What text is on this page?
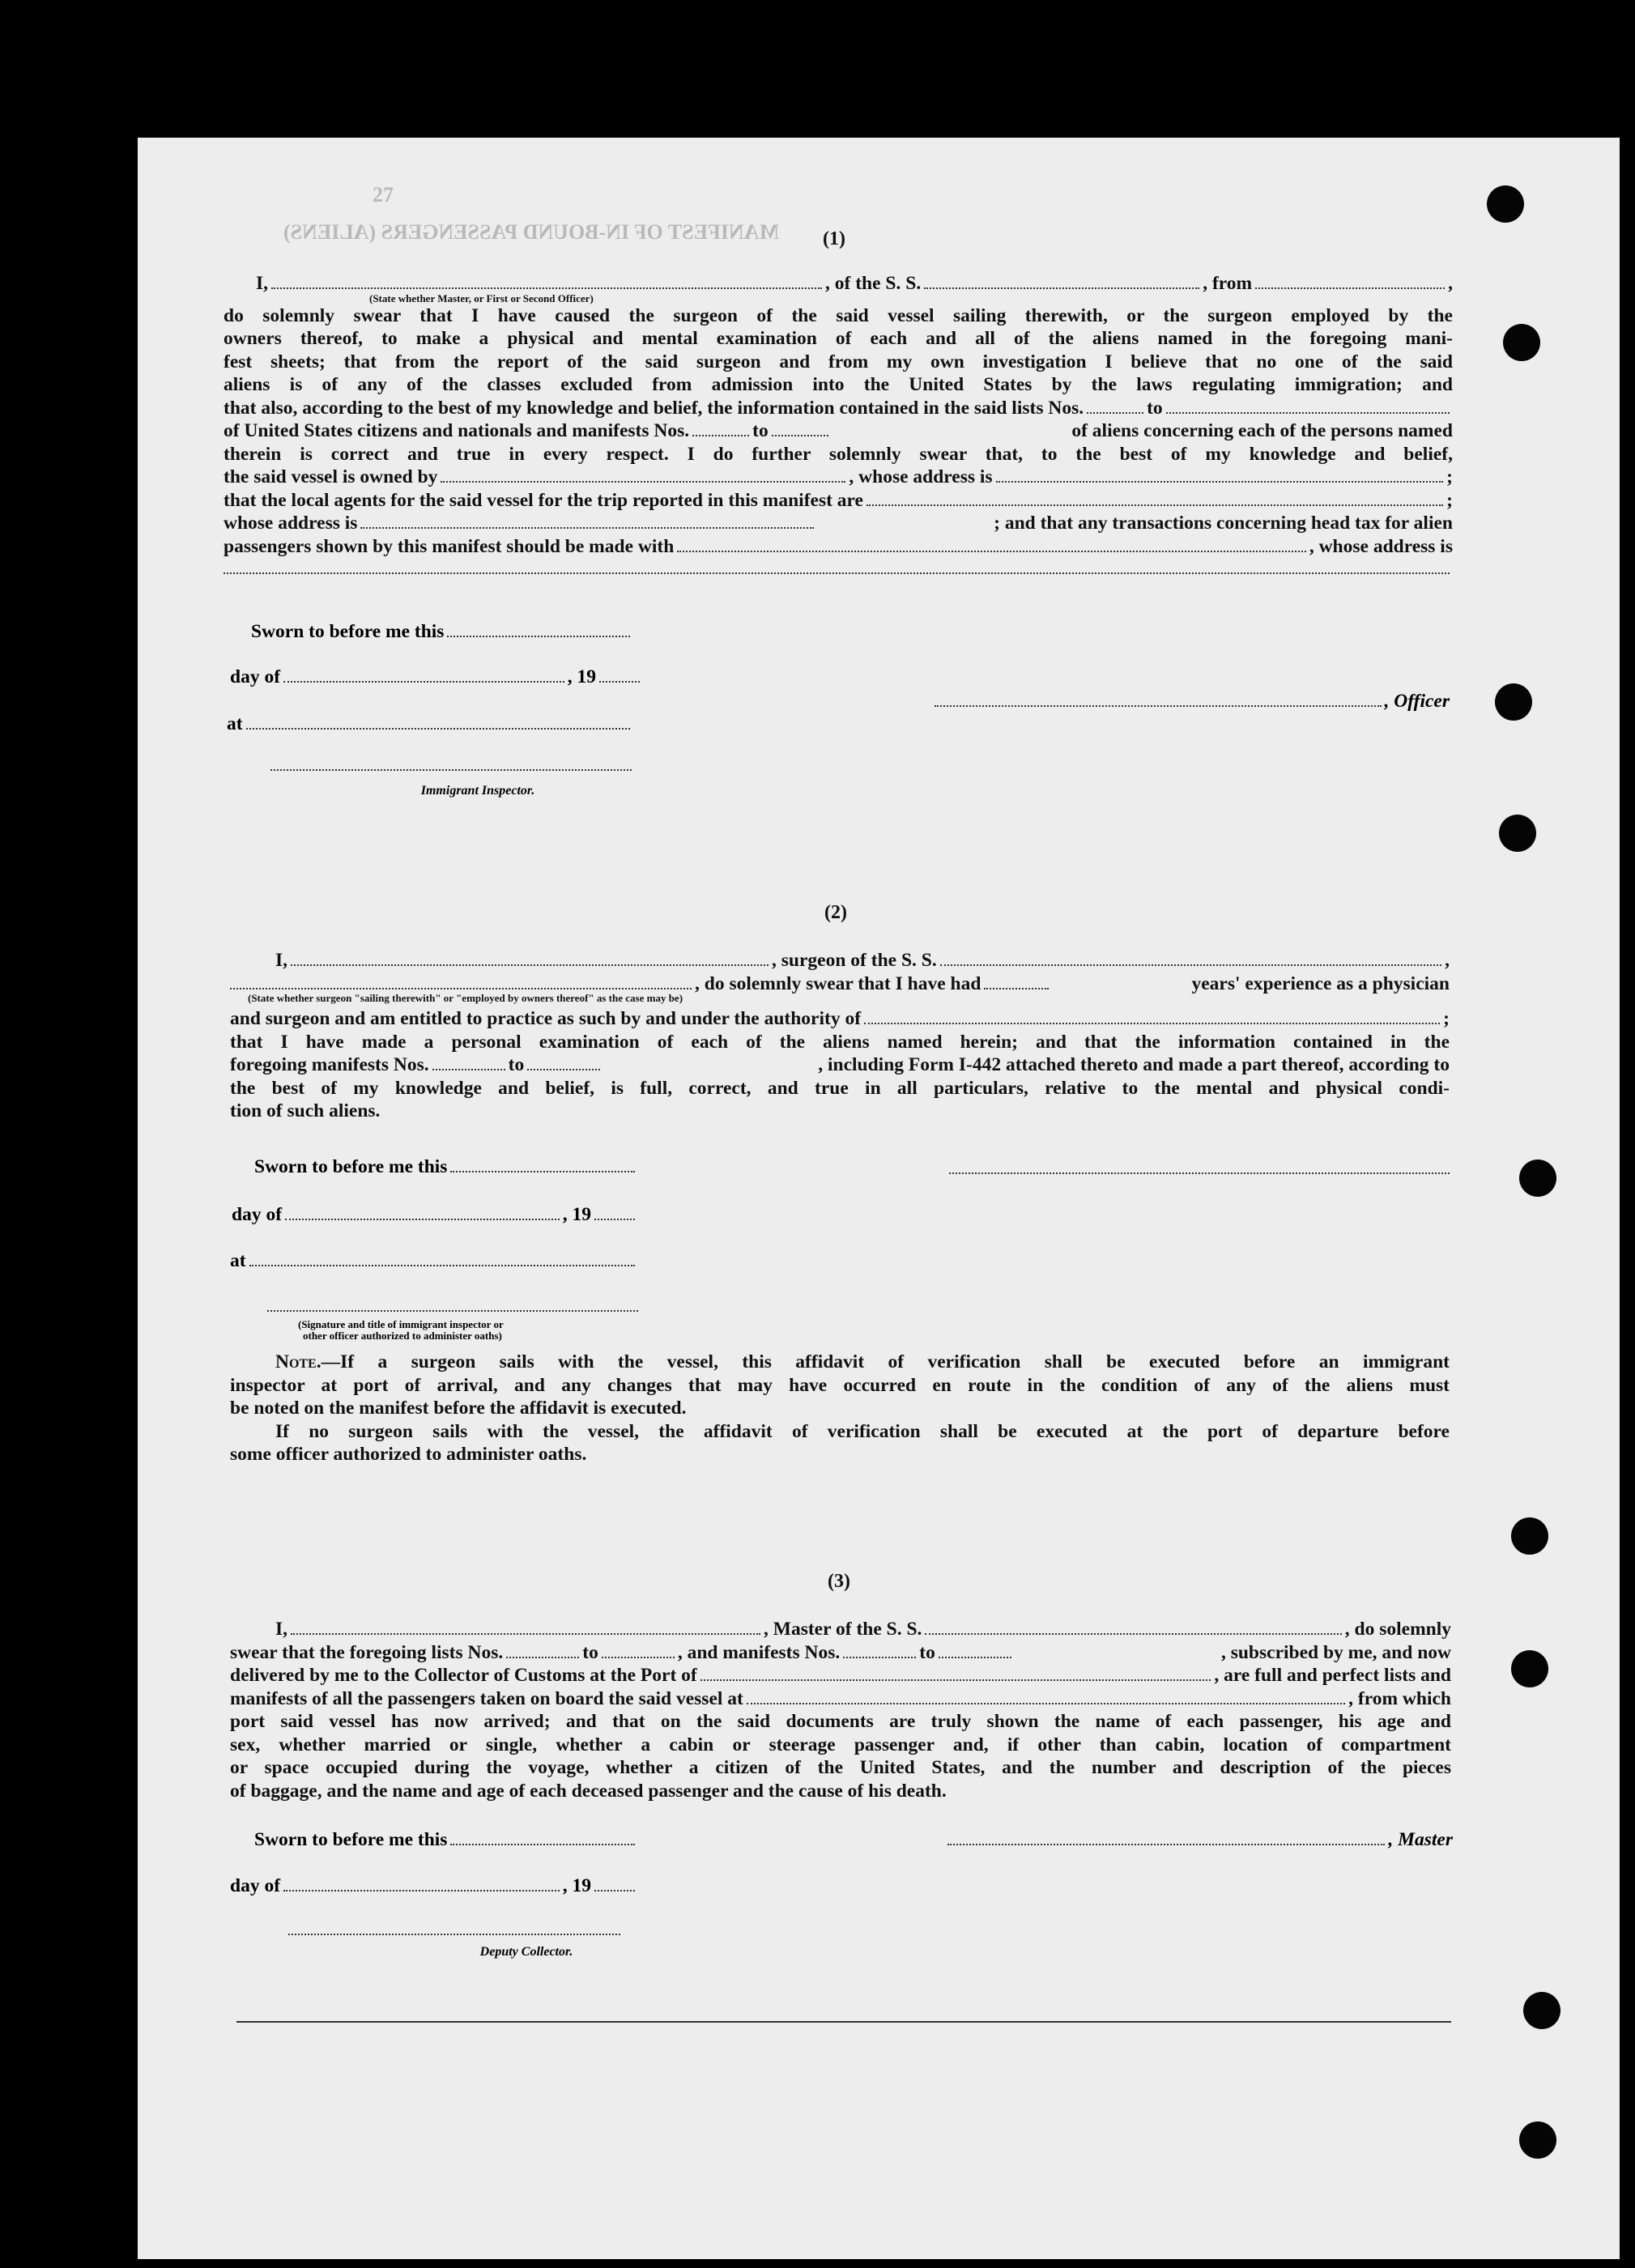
MANIFEST OF IN-BOUND PASSENGERS (ALIENS)
27
(1)
I,	, of the S. S.	, from	,
(State whether Master, or First or Second Officer)

do solemnly swear that I have caused the surgeon of the said vessel sailing therewith, or the surgeon employed by the

owners thereof, to make a physical and mental examination of each and all of the aliens named in the foregoing mani-

fest sheets; that from the report of the said surgeon and from my own investigation I believe that no one of the said

aliens is of any of the classes excluded from admission into the United States by the laws regulating immigration; and

that also, according to the best of my knowledge and belief, the information contained in the said lists Nos.	to
of United States citizens and nationals and manifests Nos.	to	of aliens concerning each of the persons named

therein is correct and true in every respect. I do further solemnly swear that, to the best of my knowledge and belief,

the said vessel is owned by	, whose address is	;
that the local agents for the said vessel for the trip reported in this manifest are	;
whose address is	; and that any transactions concerning head tax for alien
passengers shown by this manifest should be made with	, whose address is
Sworn to before me this
day of	, 19
at
Immigrant Inspector.
, Officer
(2)
I,	, surgeon of the S. S.	,
, do solemnly swear that I have had	years' experience as a physician
(State whether surgeon "sailing therewith" or "employed by owners thereof" as the case may be)
and surgeon and am entitled to practice as such by and under the authority of	;

that I have made a personal examination of each of the aliens named herein; and that the information contained in the

foregoing manifests Nos.	to	, including Form I-442 attached thereto and made a part thereof, according to

the best of my knowledge and belief, is full, correct, and true in all particulars, relative to the mental and physical condi-

tion of such aliens.

Sworn to before me this
day of	, 19
at
(Signature and title of immigrant inspector or
other officer authorized to administer oaths)

Note.—If a surgeon sails with the vessel, this affidavit of verification shall be executed before an immigrant

inspector at port of arrival, and any changes that may have occurred en route in the condition of any of the aliens must

be noted on the manifest before the affidavit is executed.

If no surgeon sails with the vessel, the affidavit of verification shall be executed at the port of departure before

some officer authorized to administer oaths.

(3)
I,	, Master of the S. S.	, do solemnly
swear that the foregoing lists Nos.	to	, and manifests Nos.	to	, subscribed by me, and now
delivered by me to the Collector of Customs at the Port of	, are full and perfect lists and
manifests of all the passengers taken on board the said vessel at	, from which

port said vessel has now arrived; and that on the said documents are truly shown the name of each passenger, his age and

sex, whether married or single, whether a cabin or steerage passenger and, if other than cabin, location of compartment

or space occupied during the voyage, whether a citizen of the United States, and the number and description of the pieces

of baggage, and the name and age of each deceased passenger and the cause of his death.

Sworn to before me this	, Master
day of	, 19
Deputy Collector.
